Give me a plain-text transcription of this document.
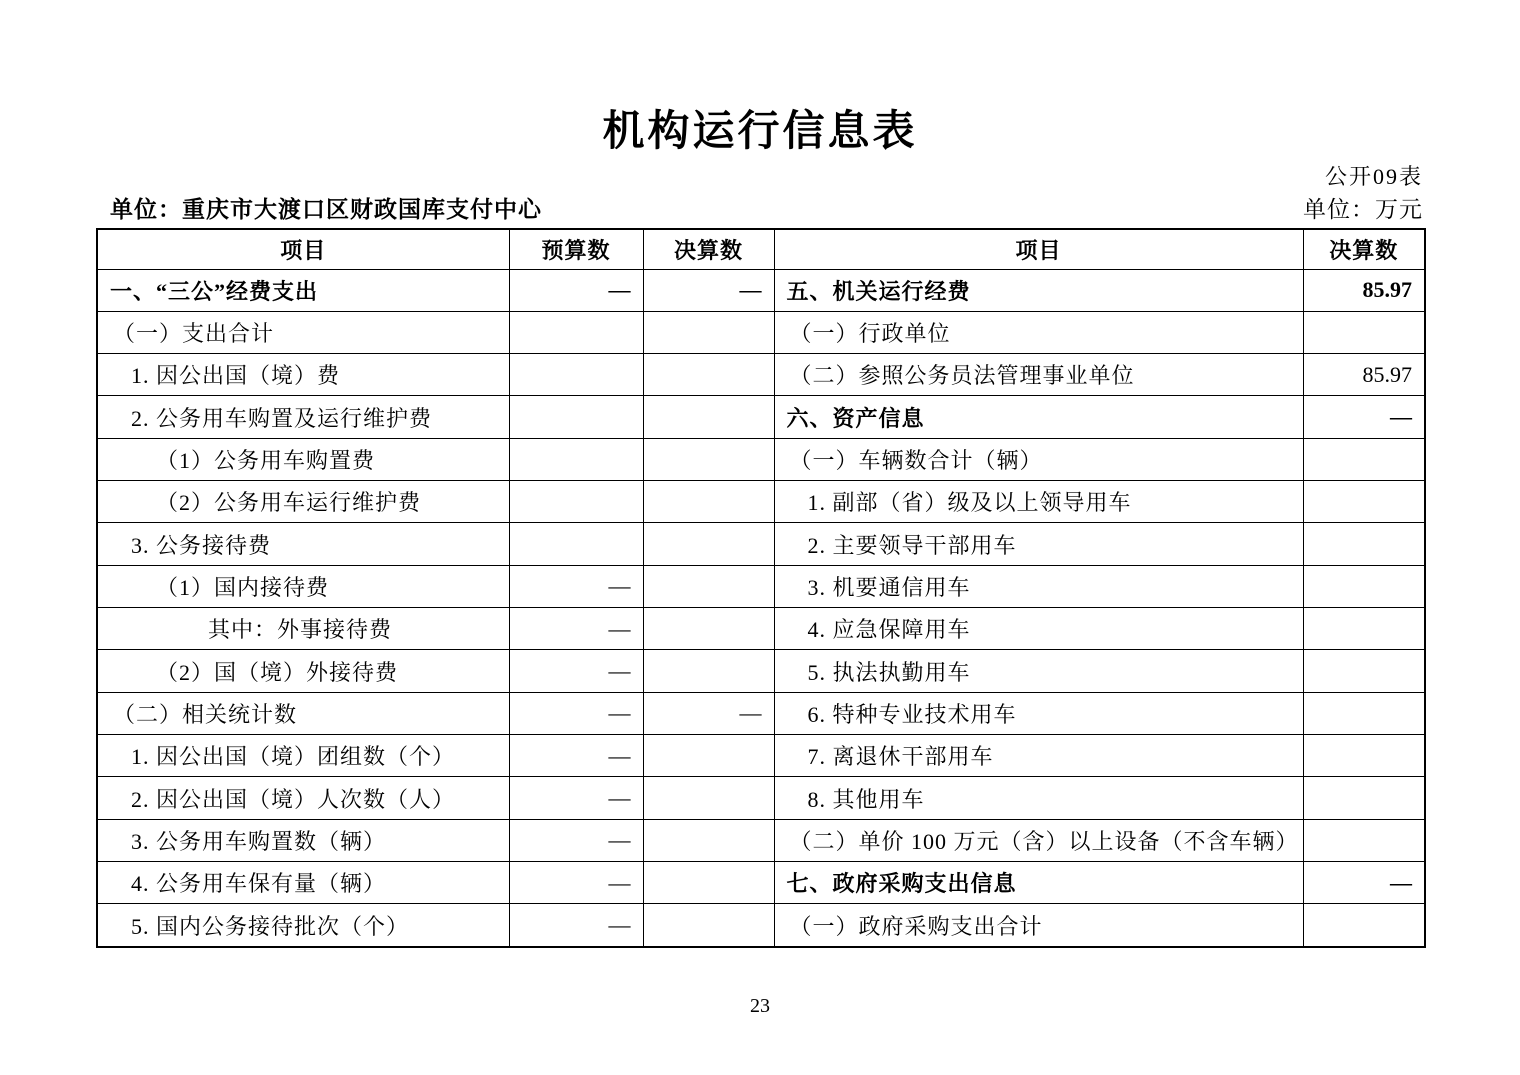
机构运行信息表
公开09表
单位：重庆市大渡口区财政国库支付中心	单位：万元
项目	预算数	决算数	项目	决算数
一、“三公”经费支出	—	—	五、机关运行经费	85.97
（一）支出合计			（一）行政单位	
1. 因公出国（境）费			（二）参照公务员法管理事业单位	85.97
2. 公务用车购置及运行维护费			六、资产信息	—
（1）公务用车购置费			（一）车辆数合计（辆）	
（2）公务用车运行维护费			1. 副部（省）级及以上领导用车	
3. 公务接待费			2. 主要领导干部用车	
（1）国内接待费	—		3. 机要通信用车	
其中：外事接待费	—		4. 应急保障用车	
（2）国（境）外接待费	—		5. 执法执勤用车	
（二）相关统计数	—	—	6. 特种专业技术用车	
1. 因公出国（境）团组数（个）	—		7. 离退休干部用车	
2. 因公出国（境）人次数（人）	—		8. 其他用车	
3. 公务用车购置数（辆）	—		（二）单价 100 万元（含）以上设备（不含车辆）	
4. 公务用车保有量（辆）	—		七、政府采购支出信息	—
5. 国内公务接待批次（个）	—		（一）政府采购支出合计	
23
